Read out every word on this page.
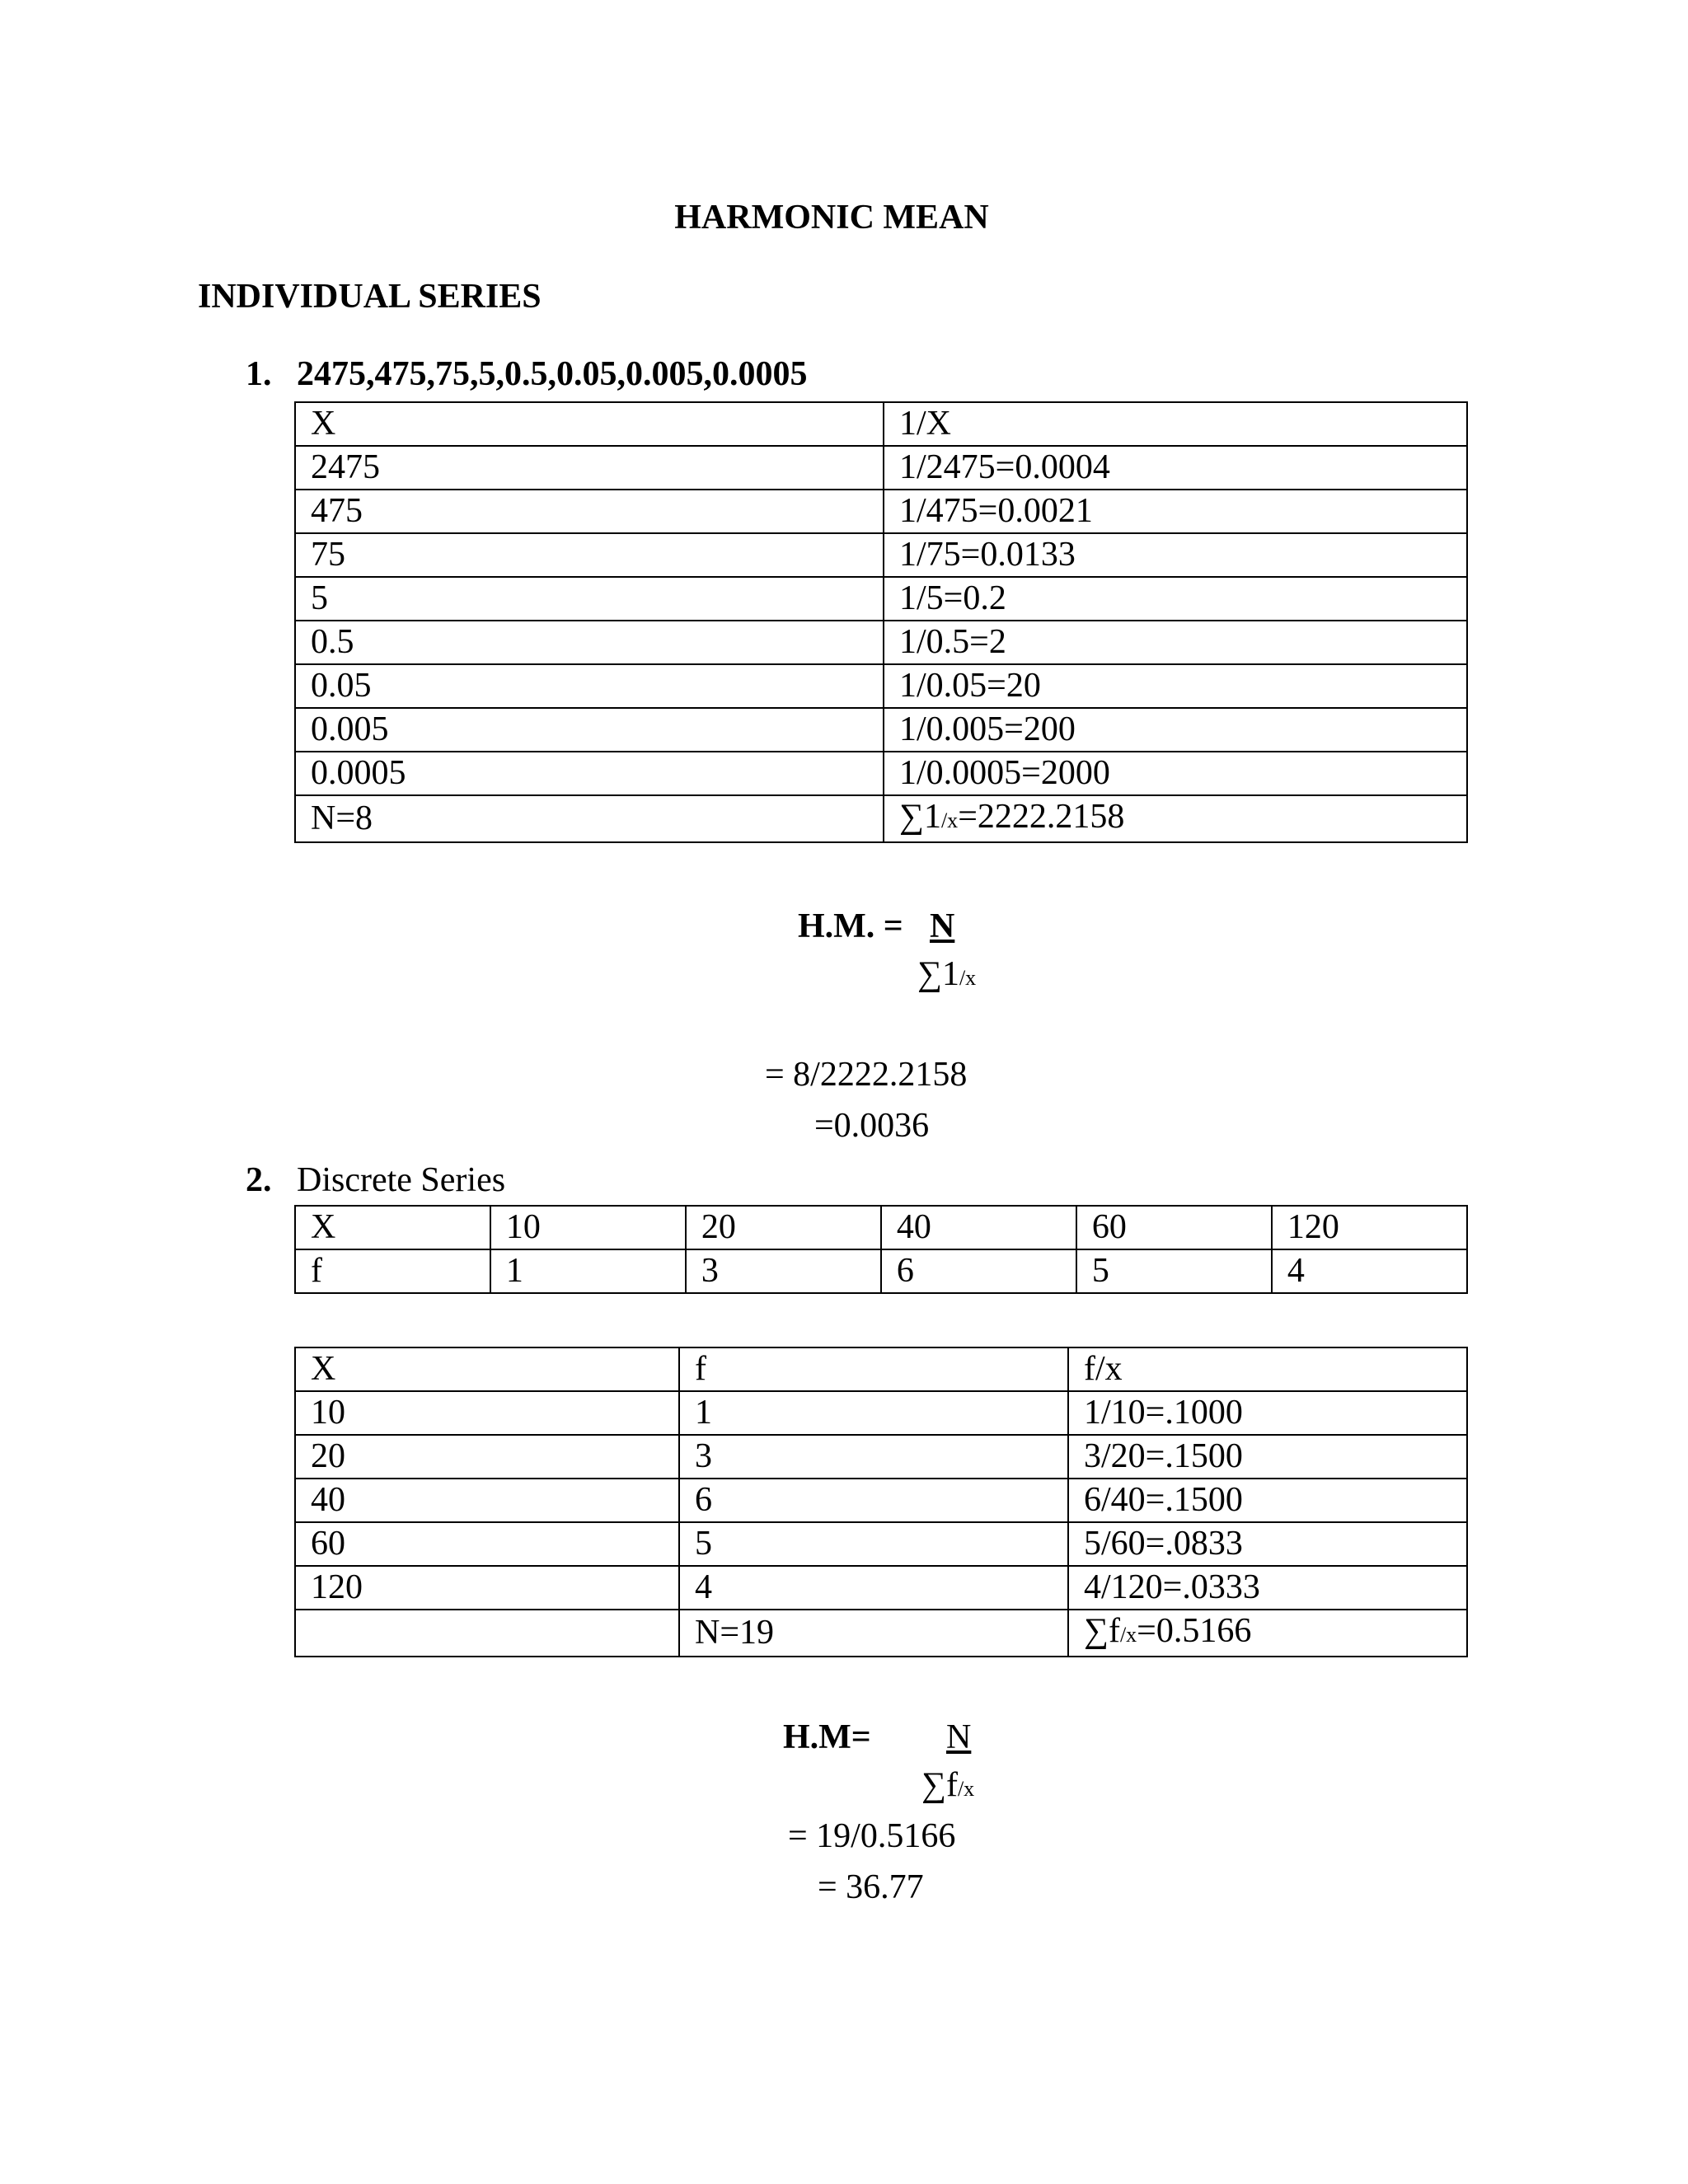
HARMONIC MEAN
INDIVIDUAL SERIES
1. 2475,475,75,5,0.5,0.05,0.005,0.0005
X	1/X
2475	1/2475=0.0004
475	1/475=0.0021
75	1/75=0.0133
5	1/5=0.2
0.5	1/0.5=2
0.05	1/0.05=20
0.005	1/0.005=200
0.0005	1/0.0005=2000
N=8	∑1/x=2222.2158
H.M. = N
∑1/x
= 8/2222.2158
=0.0036
2. Discrete Series
X	10	20	40	60	120
f	1	3	6	5	4
X	f	f/x
10	1	1/10=.1000
20	3	3/20=.1500
40	6	6/40=.1500
60	5	5/60=.0833
120	4	4/120=.0333
	N=19	∑f/x=0.5166
H.M= N
∑f/x
= 19/0.5166
= 36.77
